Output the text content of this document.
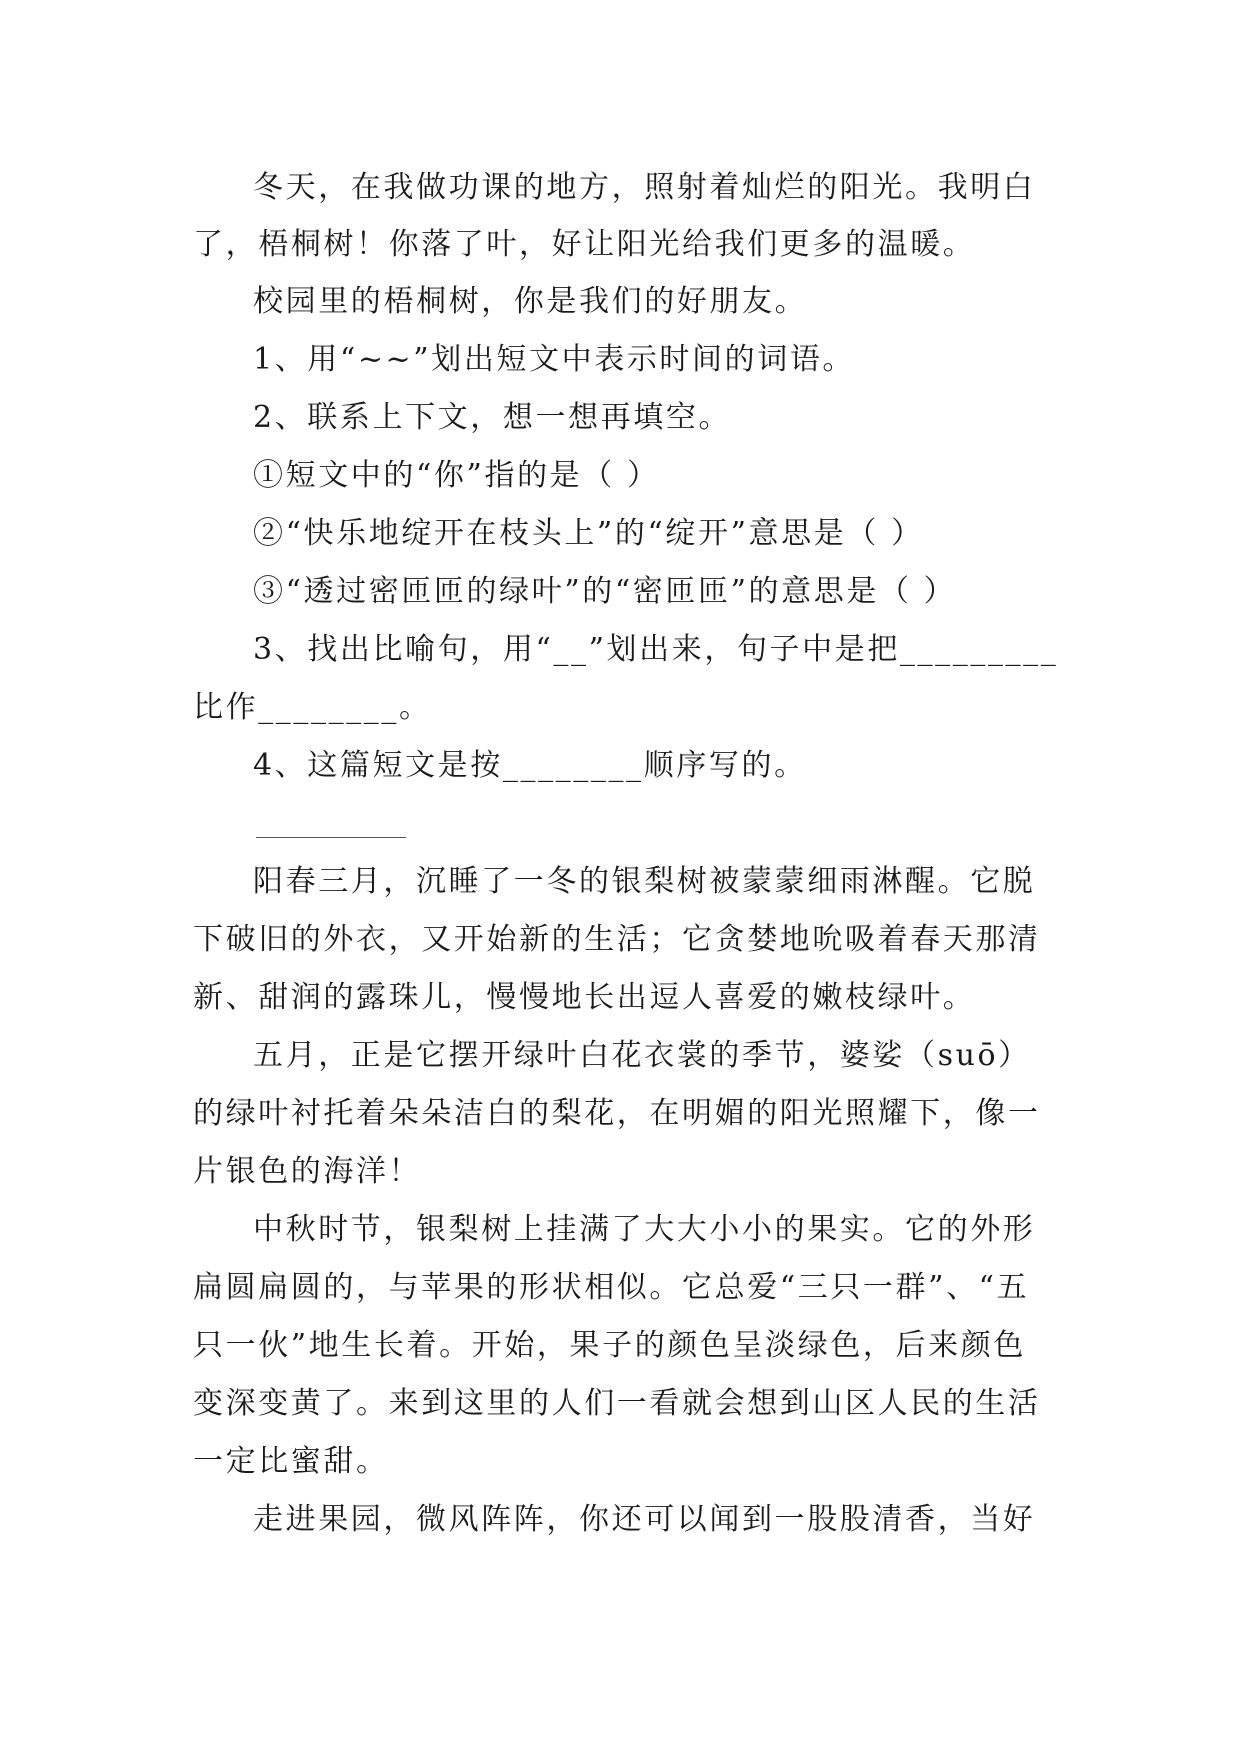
冬天，在我做功课的地方，照射着灿烂的阳光。我明白

了，梧桐树！你落了叶，好让阳光给我们更多的温暖。

校园里的梧桐树，你是我们的好朋友。

1、用“~~”划出短文中表示时间的词语。

2、联系上下文，想一想再填空。

①短文中的“你”指的是（ ）

②“快乐地绽开在枝头上”的“绽开”意思是（ ）

③“透过密匝匝的绿叶”的“密匝匝”的意思是（ ）

3、找出比喻句，用“__”划出来，句子中是把_________

比作________。

4、这篇短文是按________顺序写的。

阳春三月，沉睡了一冬的银梨树被蒙蒙细雨淋醒。它脱

下破旧的外衣，又开始新的生活；它贪婪地吮吸着春天那清

新、甜润的露珠儿，慢慢地长出逗人喜爱的嫩枝绿叶。

五月，正是它摆开绿叶白花衣裳的季节，婆娑（suō）

的绿叶衬托着朵朵洁白的梨花，在明媚的阳光照耀下，像一

片银色的海洋！

中秋时节，银梨树上挂满了大大小小的果实。它的外形

扁圆扁圆的，与苹果的形状相似。它总爱“三只一群”、“五

只一伙”地生长着。开始，果子的颜色呈淡绿色，后来颜色

变深变黄了。来到这里的人们一看就会想到山区人民的生活

一定比蜜甜。

走进果园，微风阵阵，你还可以闻到一股股清香，当好
